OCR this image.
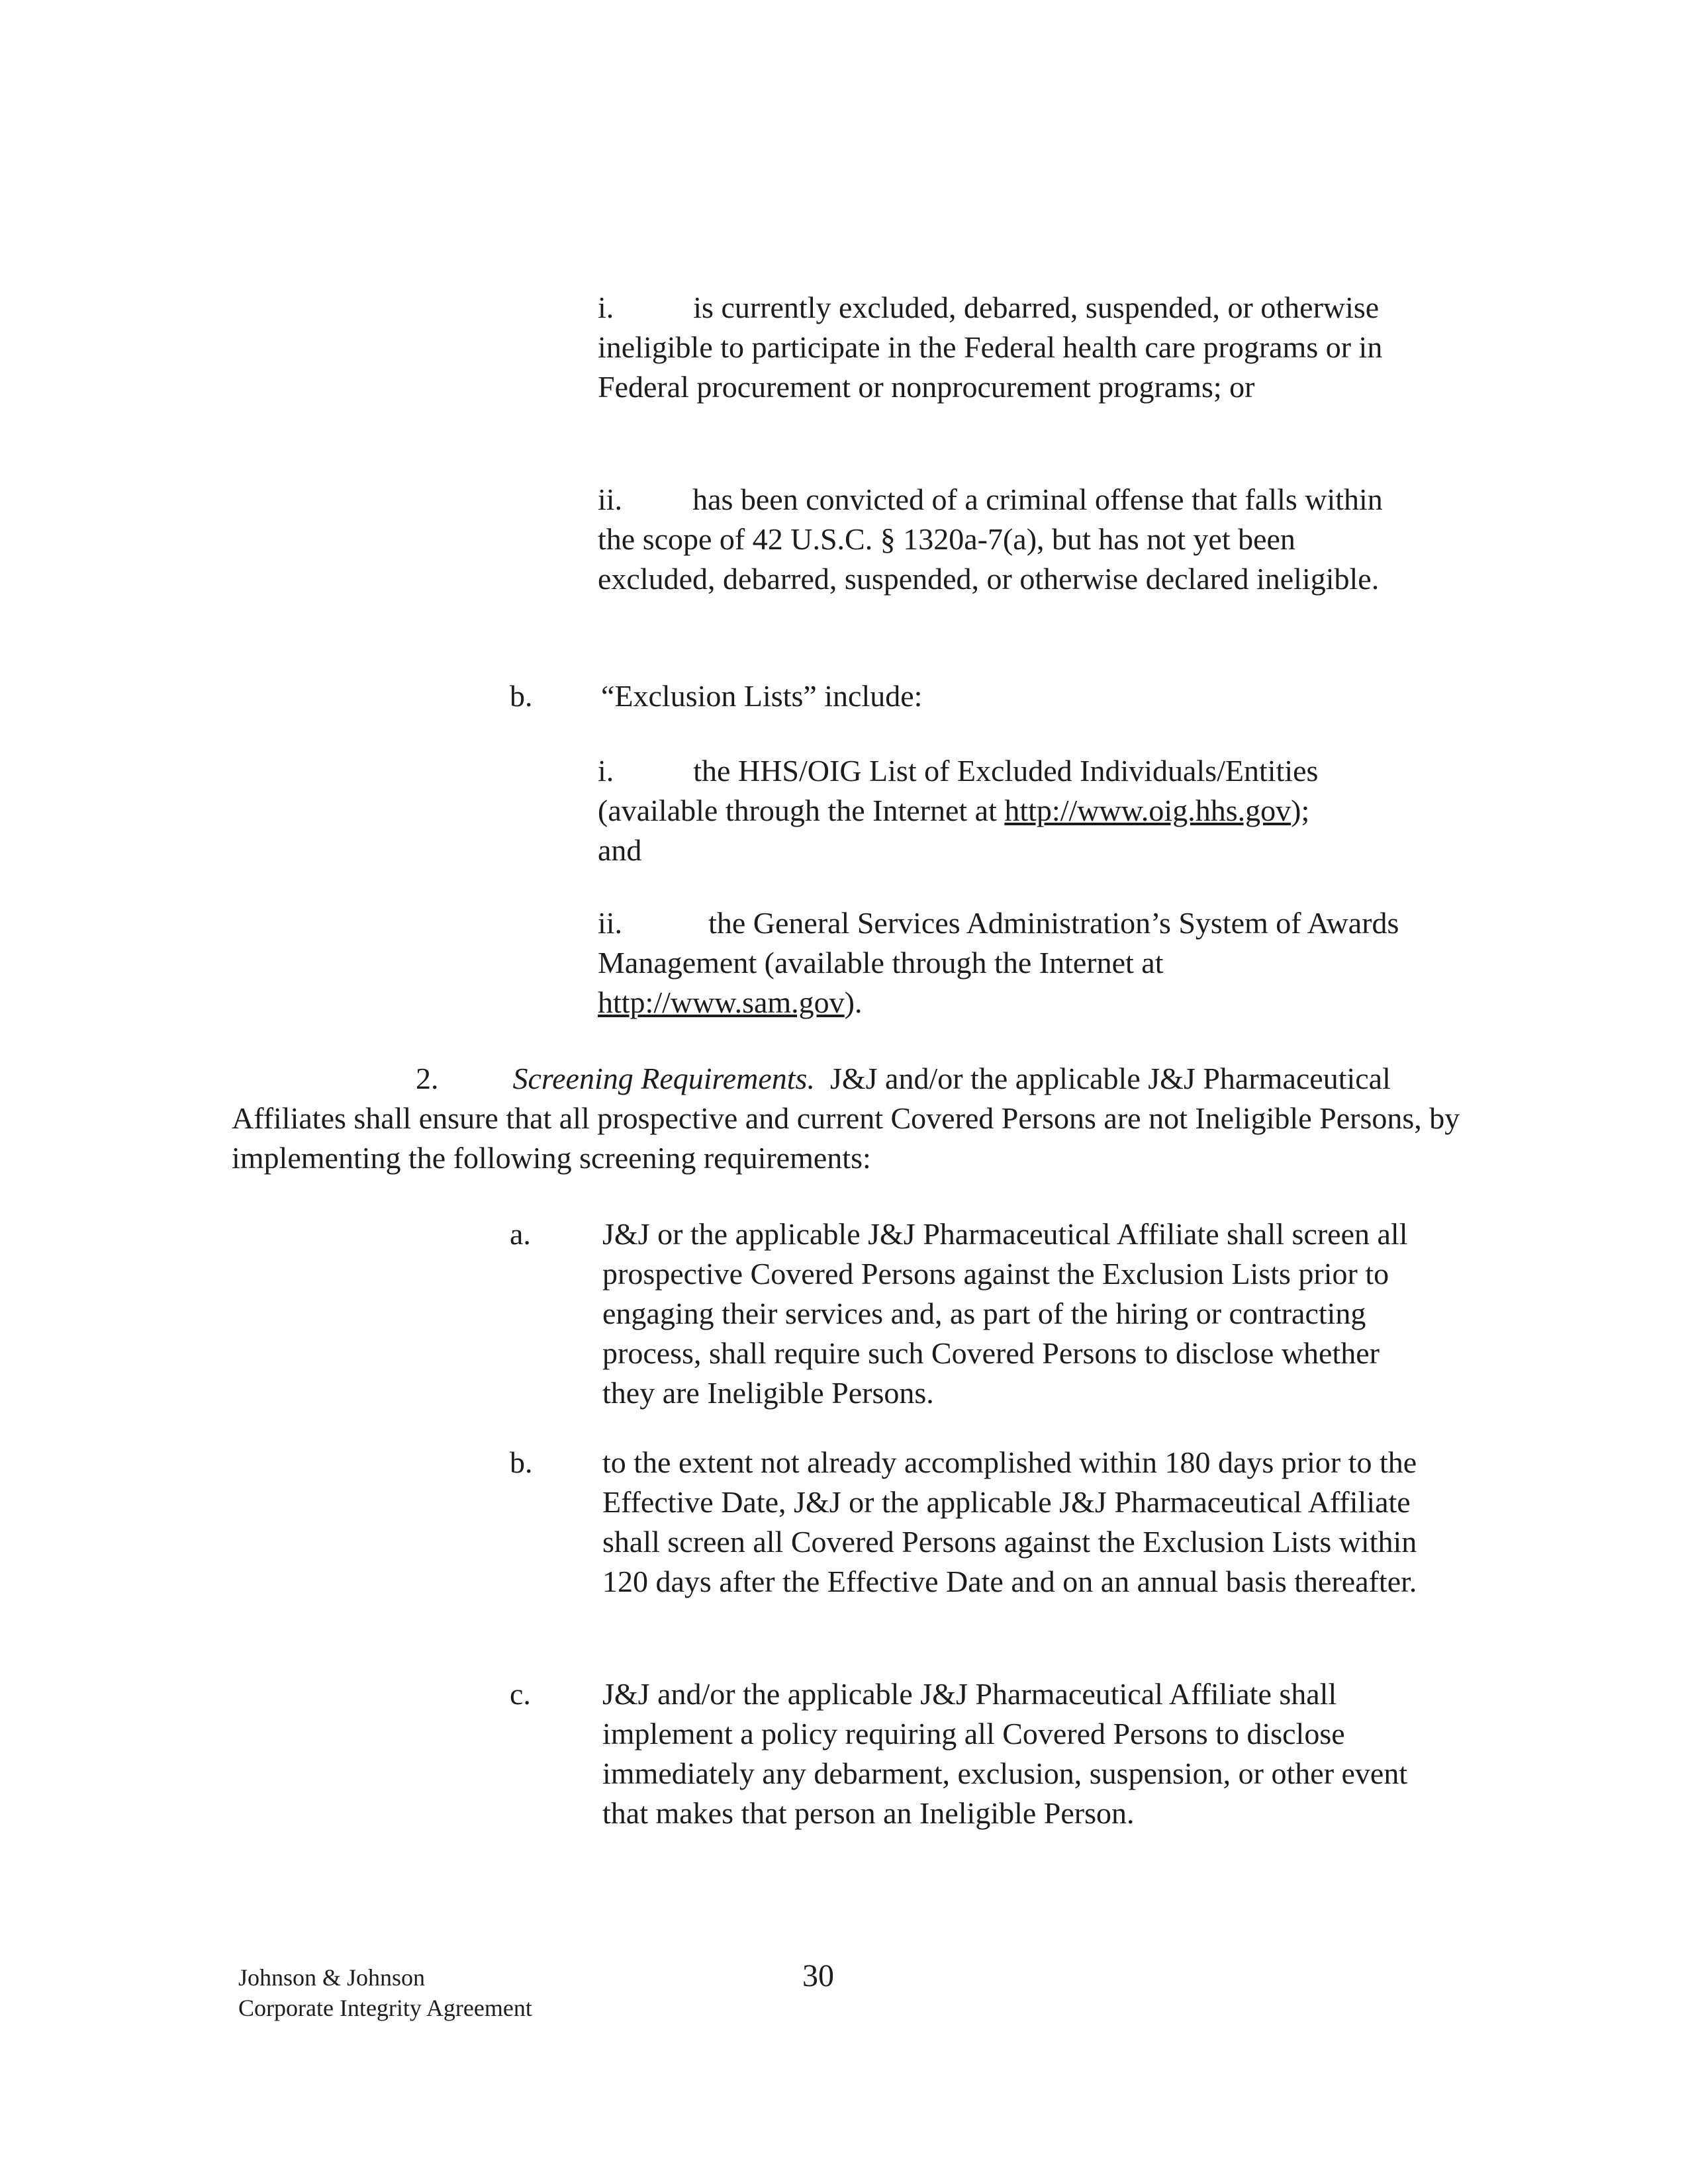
i.	is currently excluded, debarred, suspended, or otherwise ineligible to participate in the Federal health care programs or in Federal procurement or nonprocurement programs; or
ii. has been convicted of a criminal offense that falls within the scope of 42 U.S.C. § 1320a-7(a), but has not yet been excluded, debarred, suspended, or otherwise declared ineligible.
b. “Exclusion Lists” include:
i.	the HHS/OIG List of Excluded Individuals/Entities (available through the Internet at http://www.oig.hhs.gov);
and
ii.	the General Services Administration’s System of Awards Management (available through the Internet at
http://www.sam.gov).
2. Screening Requirements. J&J and/or the applicable J&J Pharmaceutical Affiliates shall ensure that all prospective and current Covered Persons are not Ineligible Persons, by implementing the following screening requirements:
a. J&J or the applicable J&J Pharmaceutical Affiliate shall screen all prospective Covered Persons against the Exclusion Lists prior to engaging their services and, as part of the hiring or contracting process, shall require such Covered Persons to disclose whether they are Ineligible Persons.
b. to the extent not already accomplished within 180 days prior to the Effective Date, J&J or the applicable J&J Pharmaceutical Affiliate shall screen all Covered Persons against the Exclusion Lists within 120 days after the Effective Date and on an annual basis thereafter.
c. J&J and/or the applicable J&J Pharmaceutical Affiliate shall implement a policy requiring all Covered Persons to disclose immediately any debarment, exclusion, suspension, or other event that makes that person an Ineligible Person.
Johnson & Johnson
Corporate Integrity Agreement
30
